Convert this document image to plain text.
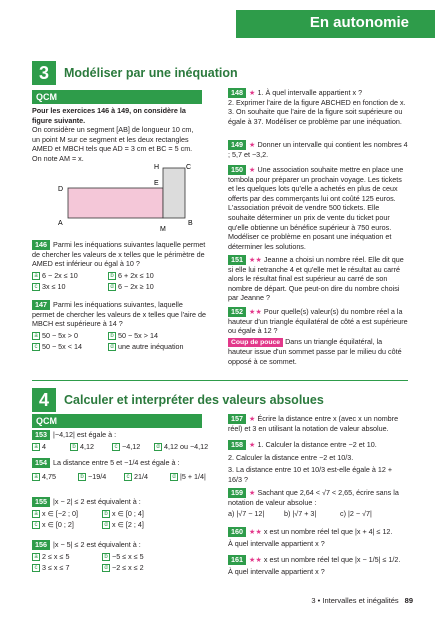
En autonomie
3	Modéliser par une inéquation
QCM
Pour les exercices 146 à 149, on considère la figure suivante.
On considère un segment [AB] de longueur 10 cm, un point M sur ce segment et les deux rectangles AMED et MBCH tels que AD = 3 cm et BC = 5 cm.
On note AM = x.
D
A
M
B
E
H	C
146 Parmi les inéquations suivantes laquelle permet de chercher les valeurs de x telles que le périmètre de AMED est inférieur ou égal à 10 ?
a 6 − 2x ≤ 10	b 6 + 2x ≤ 10
c 3x ≤ 10	d 6 − 2x ≥ 10
147 Parmi les inéquations suivantes, laquelle permet de chercher les valeurs de x telles que l'aire de MBCH est supérieure à 14 ?
a 50 − 5x > 0	b 50 − 5x > 14
c 50 − 5x < 14	d une autre inéquation
148 ★ 1. À quel intervalle appartient x ?
2. Exprimer l'aire de la figure ABCHED en fonction de x.
3. On souhaite que l'aire de la figure soit supérieure ou égale à 37. Modéliser ce problème par une inéquation.
149 ★ Donner un intervalle qui contient les nombres 4 ; 5,7 et −3,2.
150 ★ Une association souhaite mettre en place une tombola pour préparer un prochain voyage. Les tickets et les quelques lots qu'elle a achetés en plus de ceux offerts par des commerçants lui ont coûté 125 euros. L'association prévoit de vendre 500 tickets. Elle souhaite déterminer un prix de vente du ticket pour qu'elle obtienne un bénéfice supérieur à 750 euros. Modéliser ce problème en posant une inéquation et déterminer les solutions.
151 ★★ Jeanne a choisi un nombre réel. Elle dit que si elle lui retranche 4 et qu'elle met le résultat au carré alors le résultat final est supérieur au carré de son nombre de départ. Que peut-on dire du nombre choisi par Jeanne ?
152 ★★ Pour quelle(s) valeur(s) du nombre réel a la hauteur d'un triangle équilatéral de côté a est supérieure ou égale à 12 ?
Coup de pouce Dans un triangle équilatéral, la hauteur issue d'un sommet passe par le milieu du côté opposé à ce sommet.
4	Calculer et interpréter des valeurs absolues
QCM
153 |−4,12| est égale à :
a 4	b 4,12	c −4,12	d 4,12 ou −4,12
154 La distance entre 5 et −1/4 est égale à :
a 4,75	b −19/4	c 21/4	d |5 + 1/4|
155 |x − 2| ≤ 2 est équivalent à :
a x ∈ [−2 ; 0]	b x ∈ [0 ; 4]
c x ∈ [0 ; 2]	d x ∈ [2 ; 4]
156 |x − 5| ≤ 2 est équivalent à :
a 2 ≤ x ≤ 5	b −5 ≤ x ≤ 5
c 3 ≤ x ≤ 7	d −2 ≤ x ≤ 2
157 ★ Écrire la distance entre x (avec x un nombre réel) et 3 en utilisant la notation de valeur absolue.
158 ★ 1. Calculer la distance entre −2 et 10.
2. Calculer la distance entre −2 et 10/3.
3. La distance entre 10 et 10/3 est-elle égale à 12 + 16/3 ?
159 ★ Sachant que 2,64 < √7 < 2,65, écrire sans la notation de valeur absolue :
a) |√7 − 12|	b) |√7 + 3|	c) |2 − √7|
160 ★★ x est un nombre réel tel que |x + 4| ≤ 12.
À quel intervalle appartient x ?
161 ★★ x est un nombre réel tel que |x − 1/5| ≤ 1/2.
À quel intervalle appartient x ?
3 • Intervalles et inégalités 89
